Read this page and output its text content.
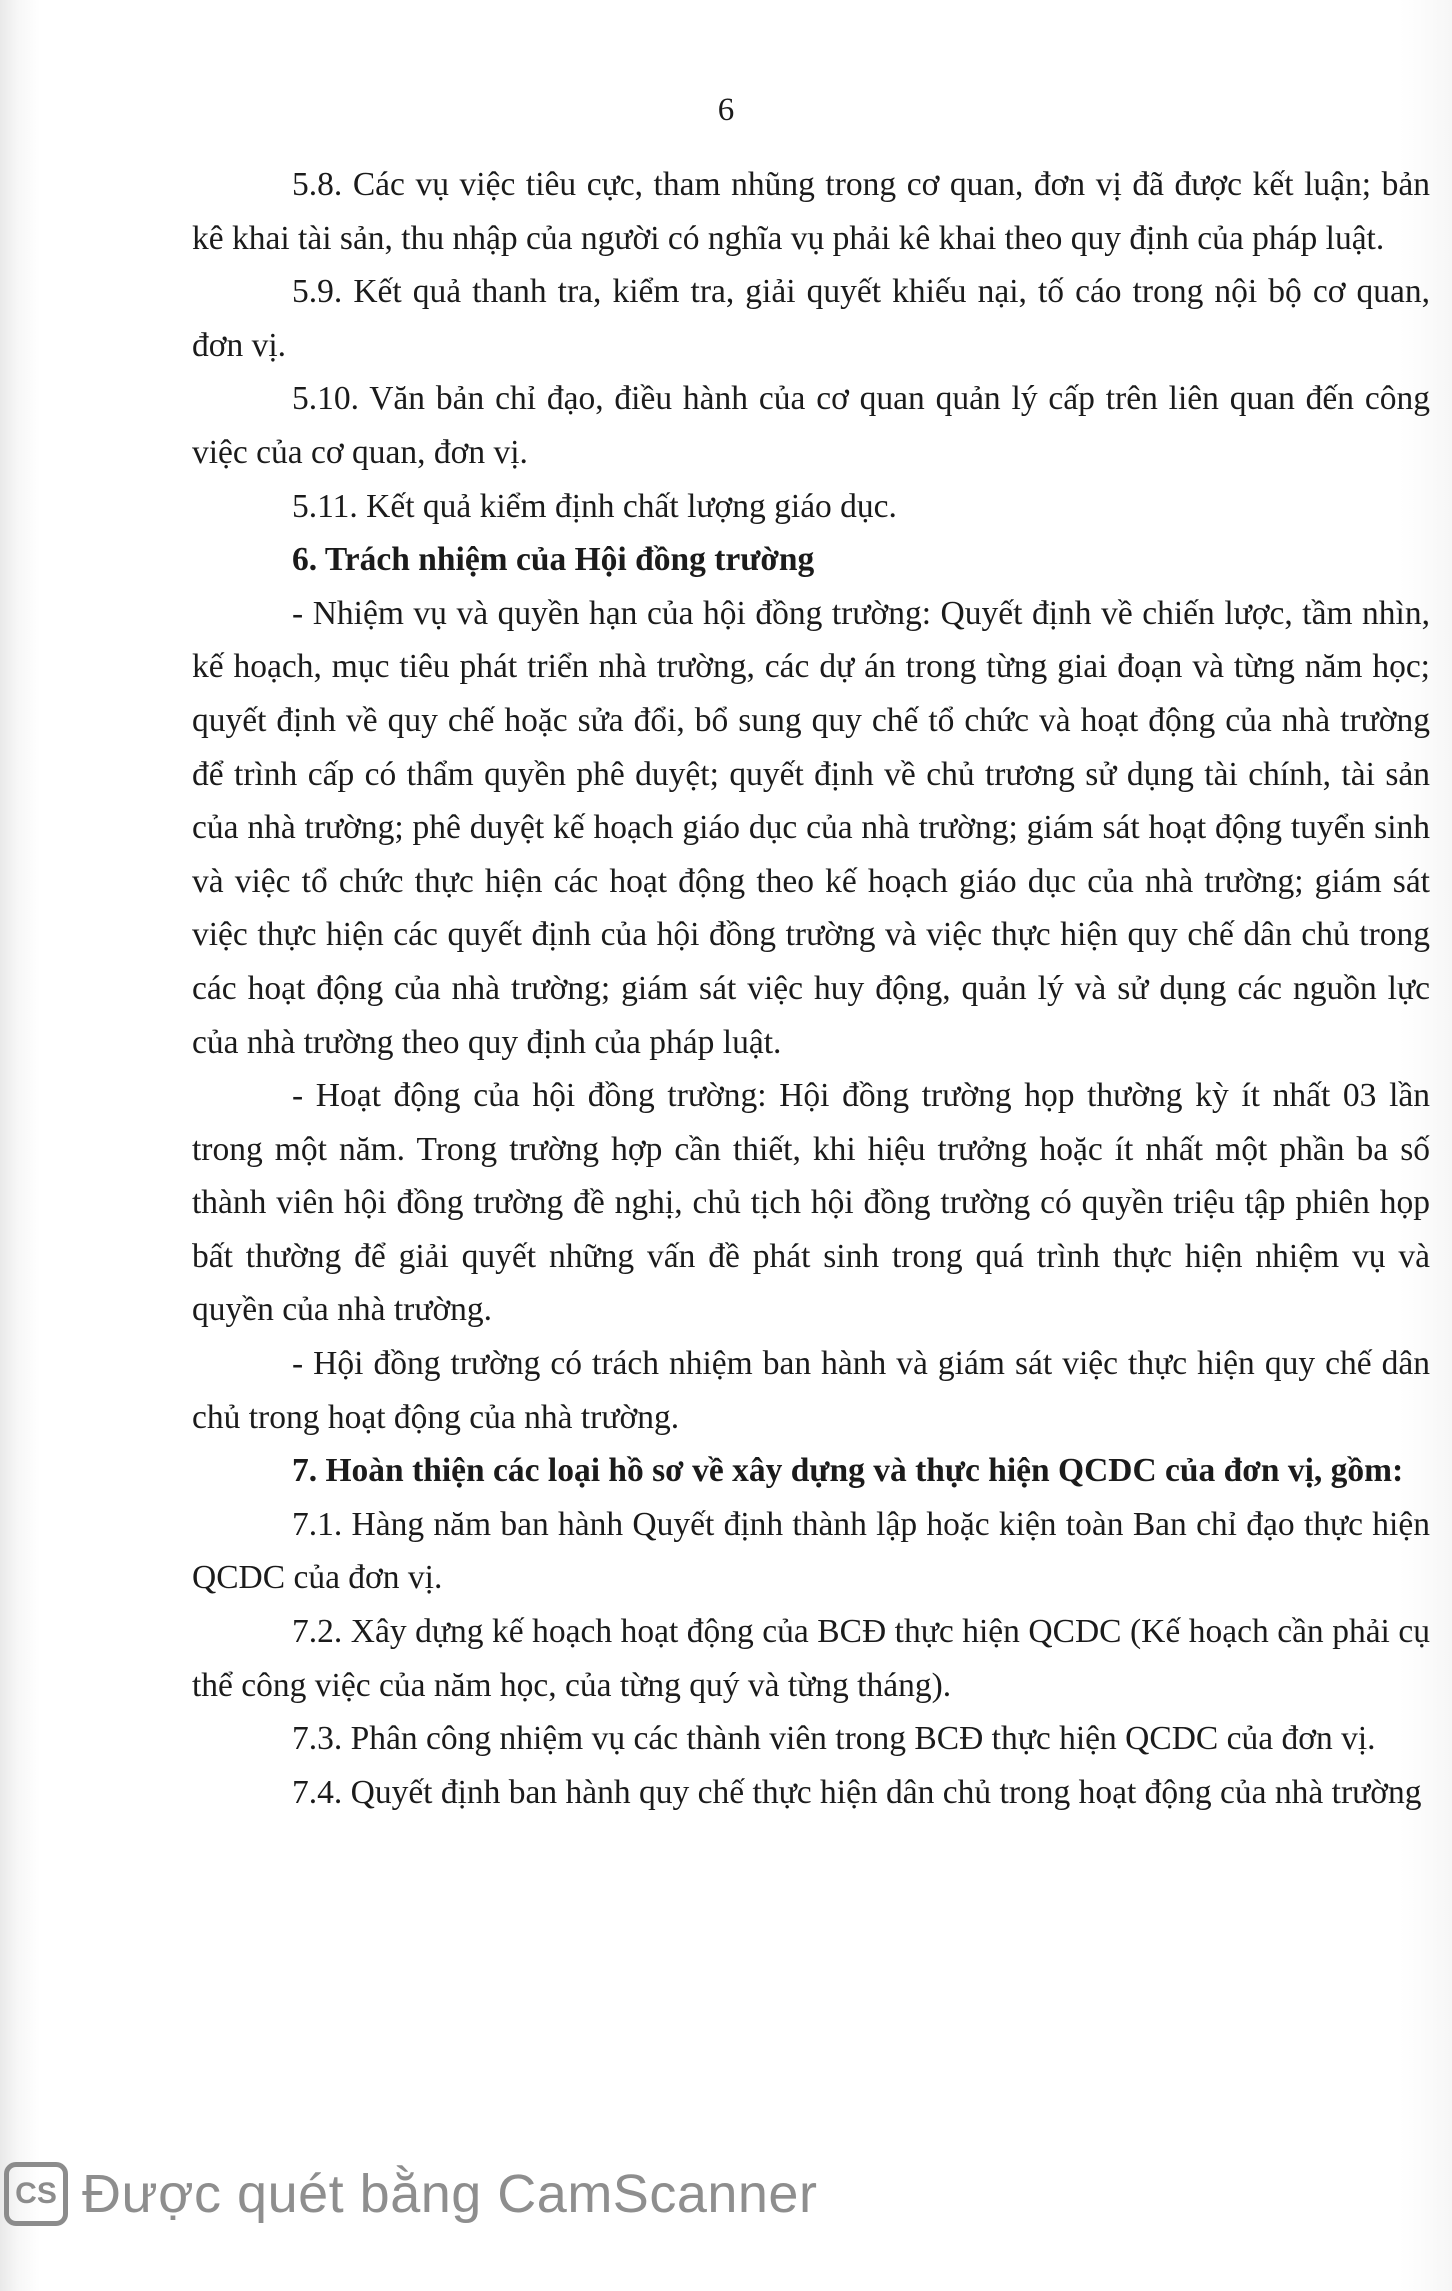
6

5.8. Các vụ việc tiêu cực, tham nhũng trong cơ quan, đơn vị đã được kết luận; bản kê khai tài sản, thu nhập của người có nghĩa vụ phải kê khai theo quy định của pháp luật.

5.9. Kết quả thanh tra, kiểm tra, giải quyết khiếu nại, tố cáo trong nội bộ cơ quan, đơn vị.

5.10. Văn bản chỉ đạo, điều hành của cơ quan quản lý cấp trên liên quan đến công việc của cơ quan, đơn vị.

5.11. Kết quả kiểm định chất lượng giáo dục.

6. Trách nhiệm của Hội đồng trường

- Nhiệm vụ và quyền hạn của hội đồng trường: Quyết định về chiến lược, tầm nhìn, kế hoạch, mục tiêu phát triển nhà trường, các dự án trong từng giai đoạn và từng năm học; quyết định về quy chế hoặc sửa đổi, bổ sung quy chế tổ chức và hoạt động của nhà trường để trình cấp có thẩm quyền phê duyệt; quyết định về chủ trương sử dụng tài chính, tài sản của nhà trường; phê duyệt kế hoạch giáo dục của nhà trường; giám sát hoạt động tuyển sinh và việc tổ chức thực hiện các hoạt động theo kế hoạch giáo dục của nhà trường; giám sát việc thực hiện các quyết định của hội đồng trường và việc thực hiện quy chế dân chủ trong các hoạt động của nhà trường; giám sát việc huy động, quản lý và sử dụng các nguồn lực của nhà trường theo quy định của pháp luật.

- Hoạt động của hội đồng trường: Hội đồng trường họp thường kỳ ít nhất 03 lần trong một năm. Trong trường hợp cần thiết, khi hiệu trưởng hoặc ít nhất một phần ba số thành viên hội đồng trường đề nghị, chủ tịch hội đồng trường có quyền triệu tập phiên họp bất thường để giải quyết những vấn đề phát sinh trong quá trình thực hiện nhiệm vụ và quyền của nhà trường.

- Hội đồng trường có trách nhiệm ban hành và giám sát việc thực hiện quy chế dân chủ trong hoạt động của nhà trường.

7. Hoàn thiện các loại hồ sơ về xây dựng và thực hiện QCDC của đơn vị, gồm:

7.1. Hàng năm ban hành Quyết định thành lập hoặc kiện toàn Ban chỉ đạo thực hiện QCDC của đơn vị.

7.2. Xây dựng kế hoạch hoạt động của BCĐ thực hiện QCDC (Kế hoạch cần phải cụ thể công việc của năm học, của từng quý và từng tháng).

7.3. Phân công nhiệm vụ các thành viên trong BCĐ thực hiện QCDC của đơn vị.

7.4. Quyết định ban hành quy chế thực hiện dân chủ trong hoạt động của nhà trường

CS Được quét bằng CamScanner
